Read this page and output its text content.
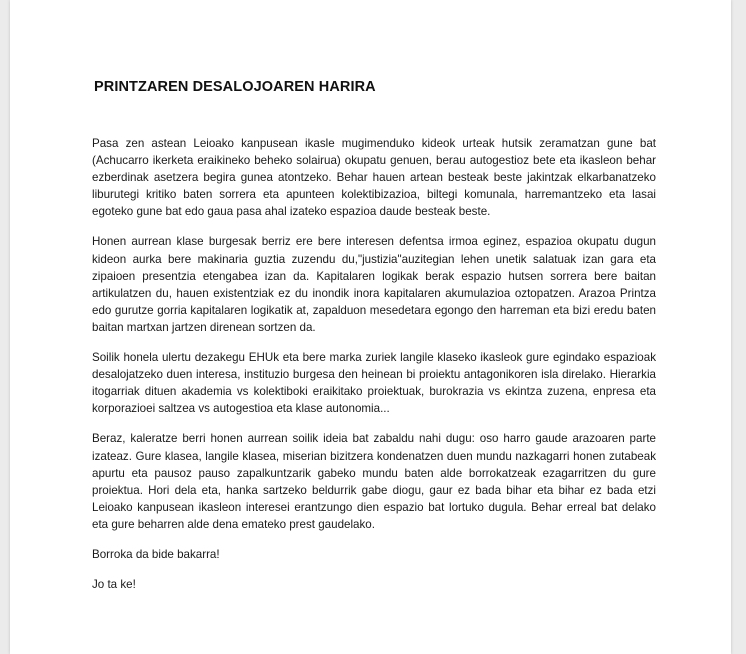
PRINTZAREN DESALOJOAREN HARIRA

Pasa zen astean Leioako kanpusean ikasle mugimenduko kideok urteak hutsik zeramatzan gune bat (Achucarro ikerketa eraikineko beheko solairua) okupatu genuen, berau autogestioz bete eta ikasleon behar ezberdinak asetzera begira gunea atontzeko. Behar hauen artean besteak beste jakintzak elkarbanatzeko liburutegi kritiko baten sorrera eta apunteen kolektibizazioa, biltegi komunala, harremantzeko eta lasai egoteko gune bat edo gaua pasa ahal izateko espazioa daude besteak beste.

Honen aurrean klase burgesak berriz ere bere interesen defentsa irmoa eginez, espazioa okupatu dugun kideon aurka bere makinaria guztia zuzendu du,"justizia"auzitegian lehen unetik salatuak izan gara eta zipaioen presentzia etengabea izan da. Kapitalaren logikak berak espazio hutsen sorrera bere baitan artikulatzen du, hauen existentziak ez du inondik inora kapitalaren akumulazioa oztopatzen. Arazoa Printza edo gurutze gorria kapitalaren logikatik at, zapalduon mesedetara egongo den harreman eta bizi eredu baten baitan martxan jartzen direnean sortzen da.

Soilik honela ulertu dezakegu EHUk eta bere marka zuriek langile klaseko ikasleok gure egindako espazioak desalojatzeko duen interesa, instituzio burgesa den heinean bi proiektu antagonikoren isla direlako. Hierarkia itogarriak dituen akademia vs kolektiboki eraikitako proiektuak, burokrazia vs ekintza zuzena, enpresa eta korporazioei saltzea vs autogestioa eta klase autonomia...

Beraz, kaleratze berri honen aurrean soilik ideia bat zabaldu nahi dugu: oso harro gaude arazoaren parte izateaz. Gure klasea, langile klasea, miserian bizitzera kondenatzen duen mundu nazkagarri honen zutabeak apurtu eta pausoz pauso zapalkuntzarik gabeko mundu baten alde borrokatzeak ezagarritzen du gure proiektua. Hori dela eta, hanka sartzeko beldurrik gabe diogu, gaur ez bada bihar eta bihar ez bada etzi Leioako kanpusean ikasleon interesei erantzungo dien espazio bat lortuko dugula. Behar erreal bat delako eta gure beharren alde dena emateko prest gaudelako.

Borroka da bide bakarra!

Jo ta ke!
